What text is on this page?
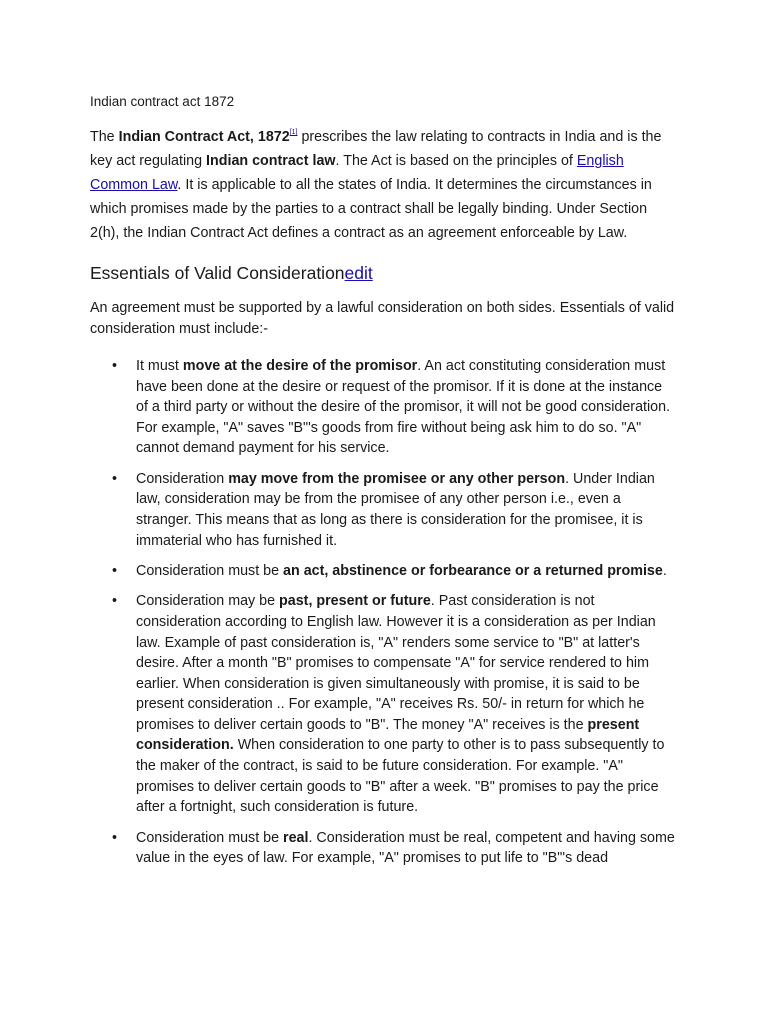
Indian contract act 1872

The Indian Contract Act, 1872[1] prescribes the law relating to contracts in India and is the key act regulating Indian contract law. The Act is based on the principles of English Common Law. It is applicable to all the states of India. It determines the circumstances in which promises made by the parties to a contract shall be legally binding. Under Section 2(h), the Indian Contract Act defines a contract as an agreement enforceable by Law.

Essentials of Valid Considerationedit

An agreement must be supported by a lawful consideration on both sides. Essentials of valid consideration must include:-

• It must move at the desire of the promisor. An act constituting consideration must have been done at the desire or request of the promisor. If it is done at the instance of a third party or without the desire of the promisor, it will not be good consideration. For example, "A" saves "B"'s goods from fire without being ask him to do so. "A" cannot demand payment for his service.
• Consideration may move from the promisee or any other person. Under Indian law, consideration may be from the promisee of any other person i.e., even a stranger. This means that as long as there is consideration for the promisee, it is immaterial who has furnished it.
• Consideration must be an act, abstinence or forbearance or a returned promise.
• Consideration may be past, present or future. Past consideration is not consideration according to English law. However it is a consideration as per Indian law. Example of past consideration is, "A" renders some service to "B" at latter's desire. After a month "B" promises to compensate "A" for service rendered to him earlier. When consideration is given simultaneously with promise, it is said to be present consideration .. For example, "A" receives Rs. 50/- in return for which he promises to deliver certain goods to "B". The money "A" receives is the present consideration. When consideration to one party to other is to pass subsequently to the maker of the contract, is said to be future consideration. For example. "A" promises to deliver certain goods to "B" after a week. "B" promises to pay the price after a fortnight, such consideration is future.
• Consideration must be real. Consideration must be real, competent and having some value in the eyes of law. For example, "A" promises to put life to "B"'s dead
